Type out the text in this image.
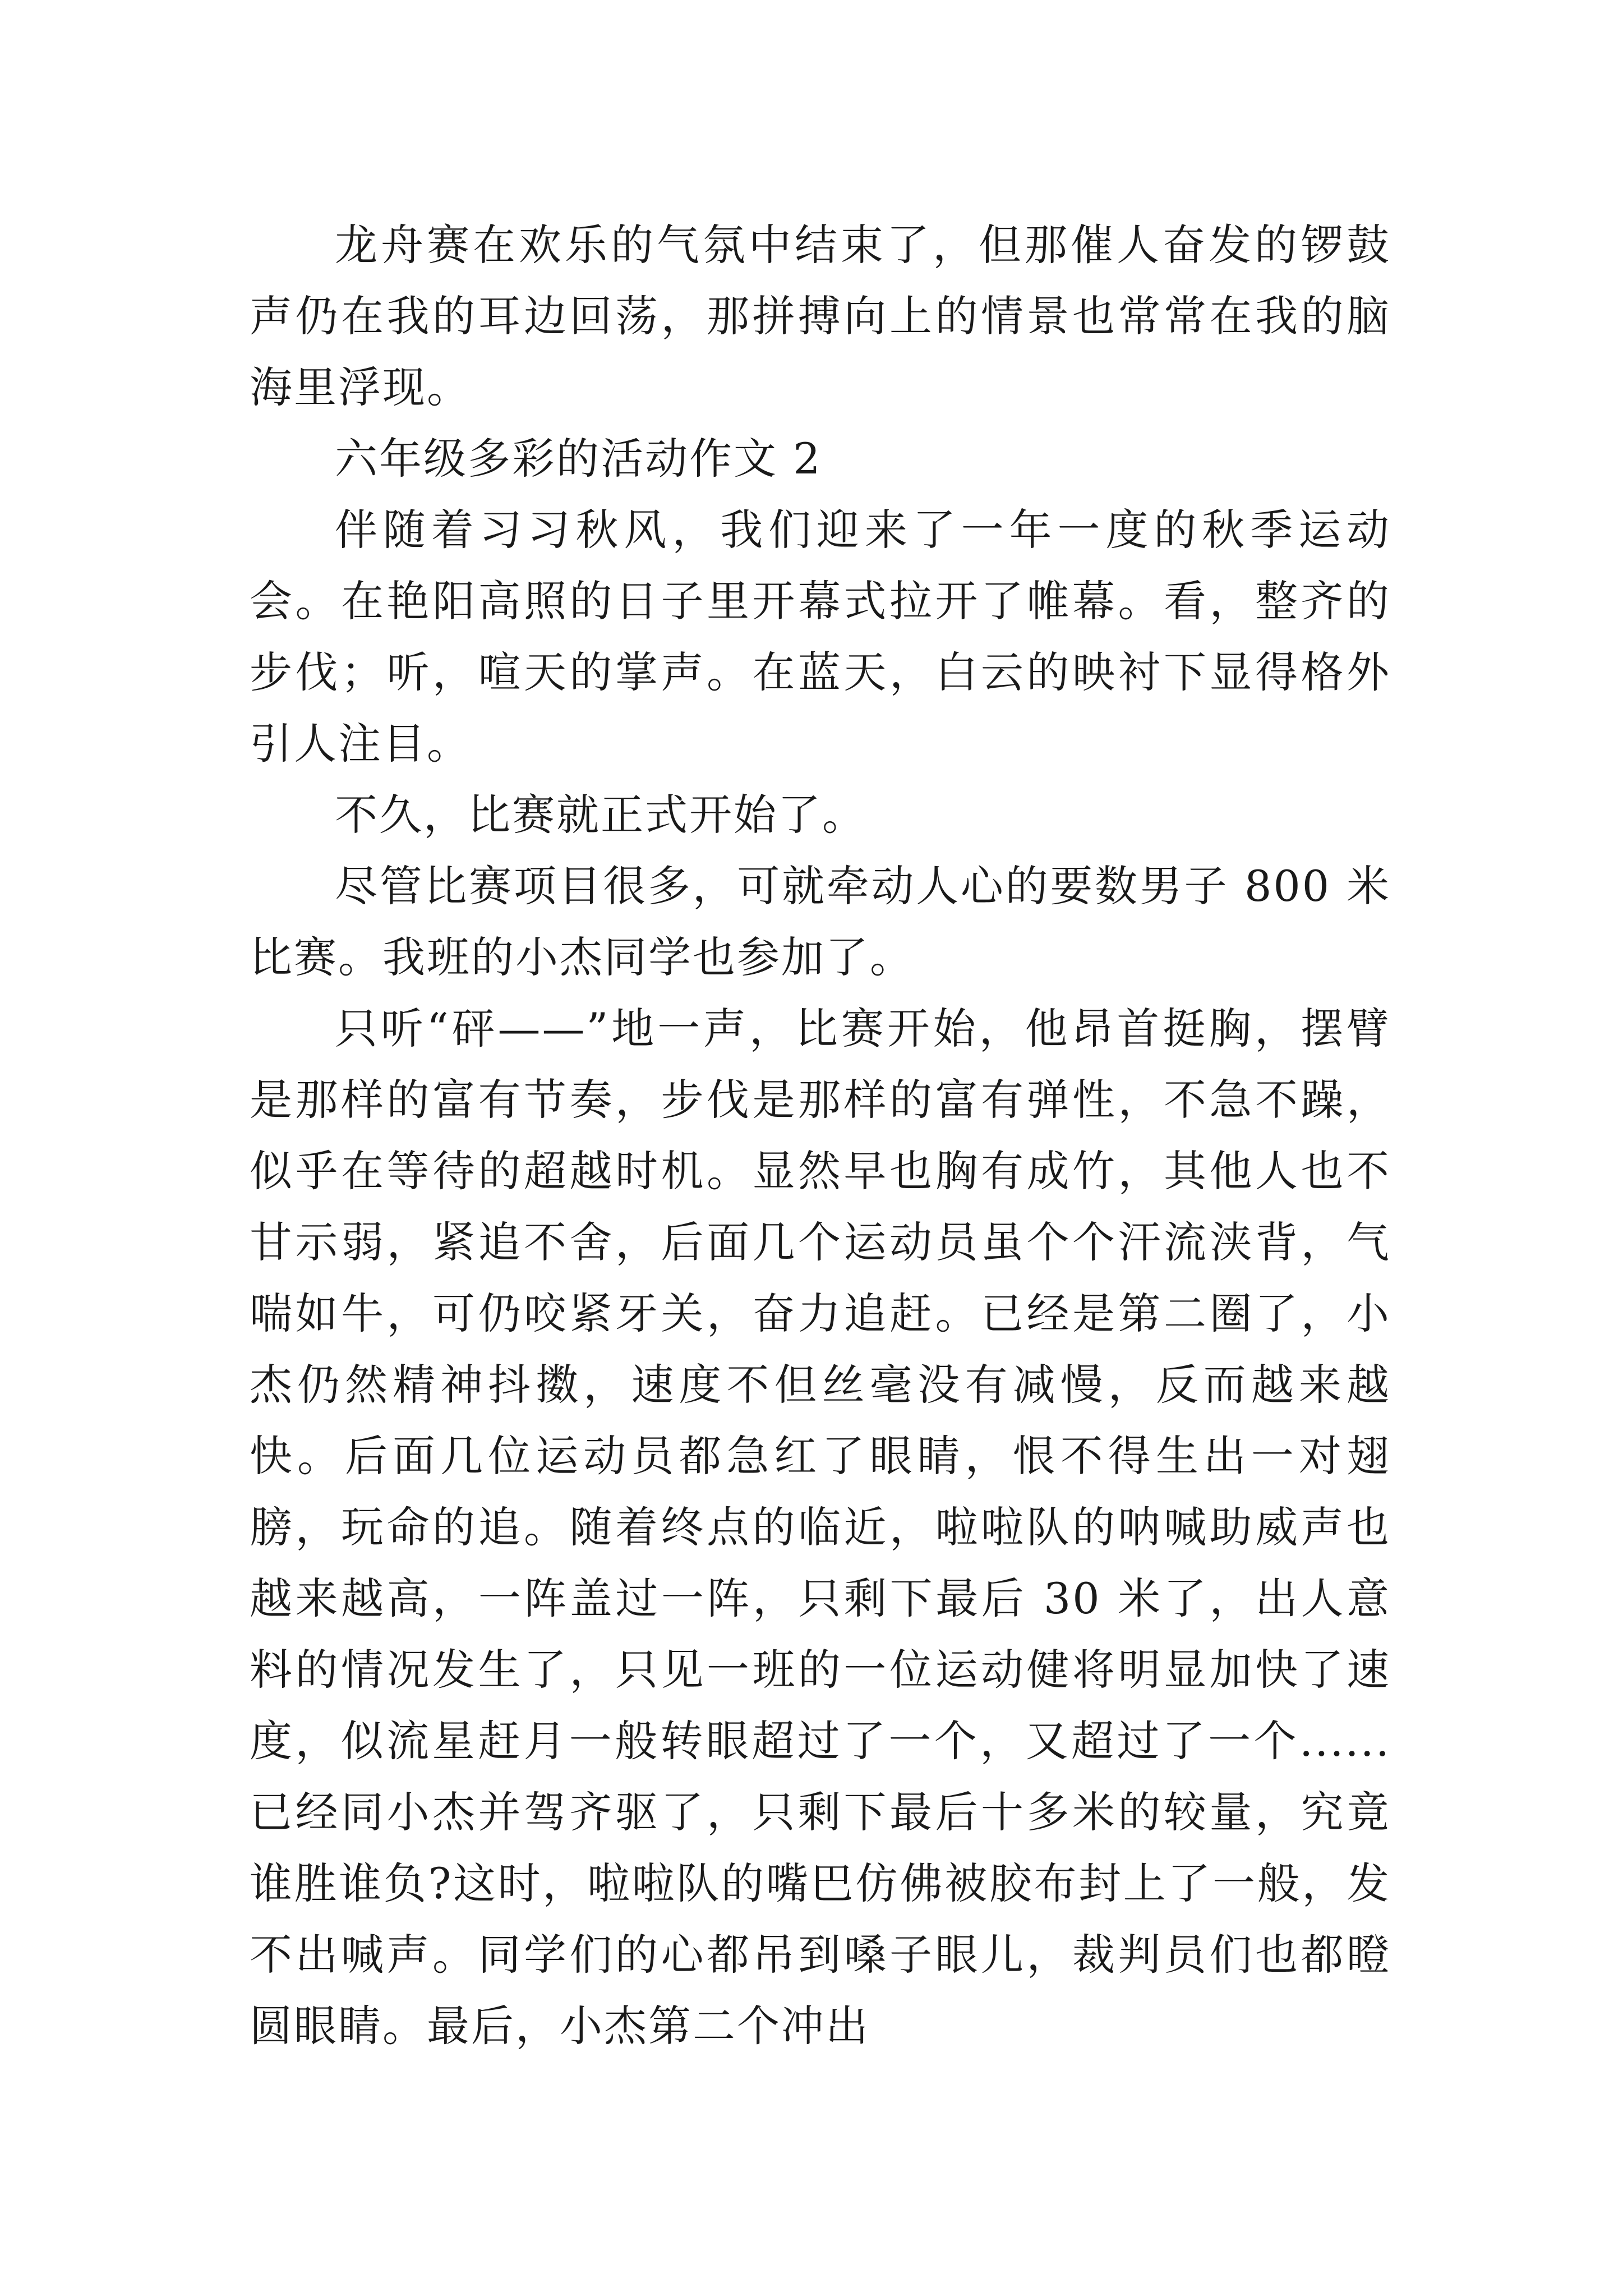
龙舟赛在欢乐的气氛中结束了，但那催人奋发的锣鼓声仍在我的耳边回荡，那拼搏向上的情景也常常在我的脑海里浮现。

六年级多彩的活动作文 2

伴随着习习秋风，我们迎来了一年一度的秋季运动会。在艳阳高照的日子里开幕式拉开了帷幕。看，整齐的步伐；听，喧天的掌声。在蓝天，白云的映衬下显得格外引人注目。

不久，比赛就正式开始了。

尽管比赛项目很多，可就牵动人心的要数男子 800 米比赛。我班的小杰同学也参加了。

只听“砰——”地一声，比赛开始，他昂首挺胸，摆臂是那样的富有节奏，步伐是那样的富有弹性，不急不躁，似乎在等待的超越时机。显然早也胸有成竹，其他人也不甘示弱，紧追不舍，后面几个运动员虽个个汗流浃背，气喘如牛，可仍咬紧牙关，奋力追赶。已经是第二圈了，小杰仍然精神抖擞，速度不但丝毫没有减慢，反而越来越快。后面几位运动员都急红了眼睛，恨不得生出一对翅膀，玩命的追。随着终点的临近，啦啦队的呐喊助威声也越来越高，一阵盖过一阵，只剩下最后 30 米了，出人意料的情况发生了，只见一班的一位运动健将明显加快了速度，似流星赶月一般转眼超过了一个，又超过了一个......已经同小杰并驾齐驱了，只剩下最后十多米的较量，究竟谁胜谁负?这时，啦啦队的嘴巴仿佛被胶布封上了一般，发不出喊声。同学们的心都吊到嗓子眼儿，裁判员们也都瞪圆眼睛。最后，小杰第二个冲出
